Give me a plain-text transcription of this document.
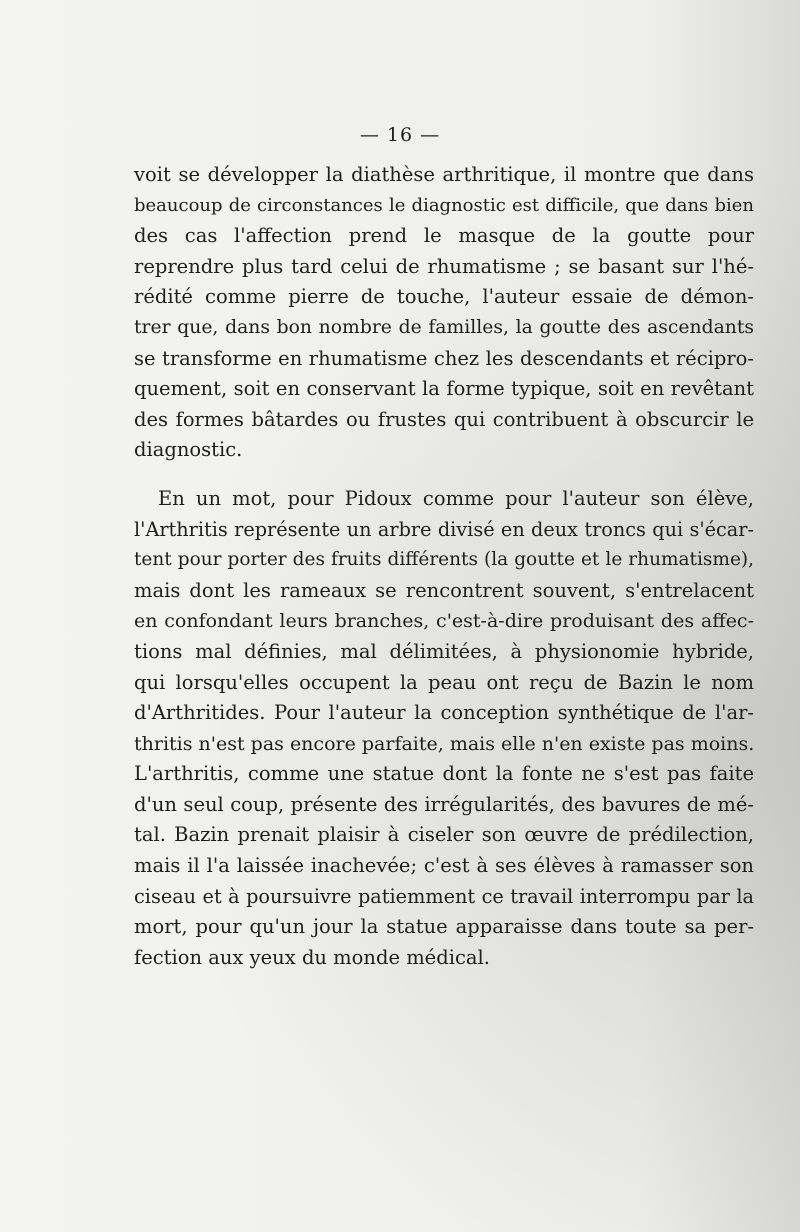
— 16 —

voit se développer la diathèse arthritique, il montre que dans
beaucoup de circonstances le diagnostic est difficile, que dans bien
des cas l'affection prend le masque de la goutte pour
reprendre plus tard celui de rhumatisme ; se basant sur l'hé-
rédité comme pierre de touche, l'auteur essaie de démon-
trer que, dans bon nombre de familles, la goutte des ascendants
se transforme en rhumatisme chez les descendants et récipro-
quement, soit en conservant la forme typique, soit en revêtant
des formes bâtardes ou frustes qui contribuent à obscurcir le
diagnostic.

En un mot, pour Pidoux comme pour l'auteur son élève,
l'Arthritis représente un arbre divisé en deux troncs qui s'écar-
tent pour porter des fruits différents (la goutte et le rhumatisme),
mais dont les rameaux se rencontrent souvent, s'entrelacent
en confondant leurs branches, c'est-à-dire produisant des affec-
tions mal définies, mal délimitées, à physionomie hybride,
qui lorsqu'elles occupent la peau ont reçu de Bazin le nom
d'Arthritides. Pour l'auteur la conception synthétique de l'ar-
thritis n'est pas encore parfaite, mais elle n'en existe pas moins.
L'arthritis, comme une statue dont la fonte ne s'est pas faite
d'un seul coup, présente des irrégularités, des bavures de mé-
tal. Bazin prenait plaisir à ciseler son œuvre de prédilection,
mais il l'a laissée inachevée; c'est à ses élèves à ramasser son
ciseau et à poursuivre patiemment ce travail interrompu par la
mort, pour qu'un jour la statue apparaisse dans toute sa per-
fection aux yeux du monde médical.
